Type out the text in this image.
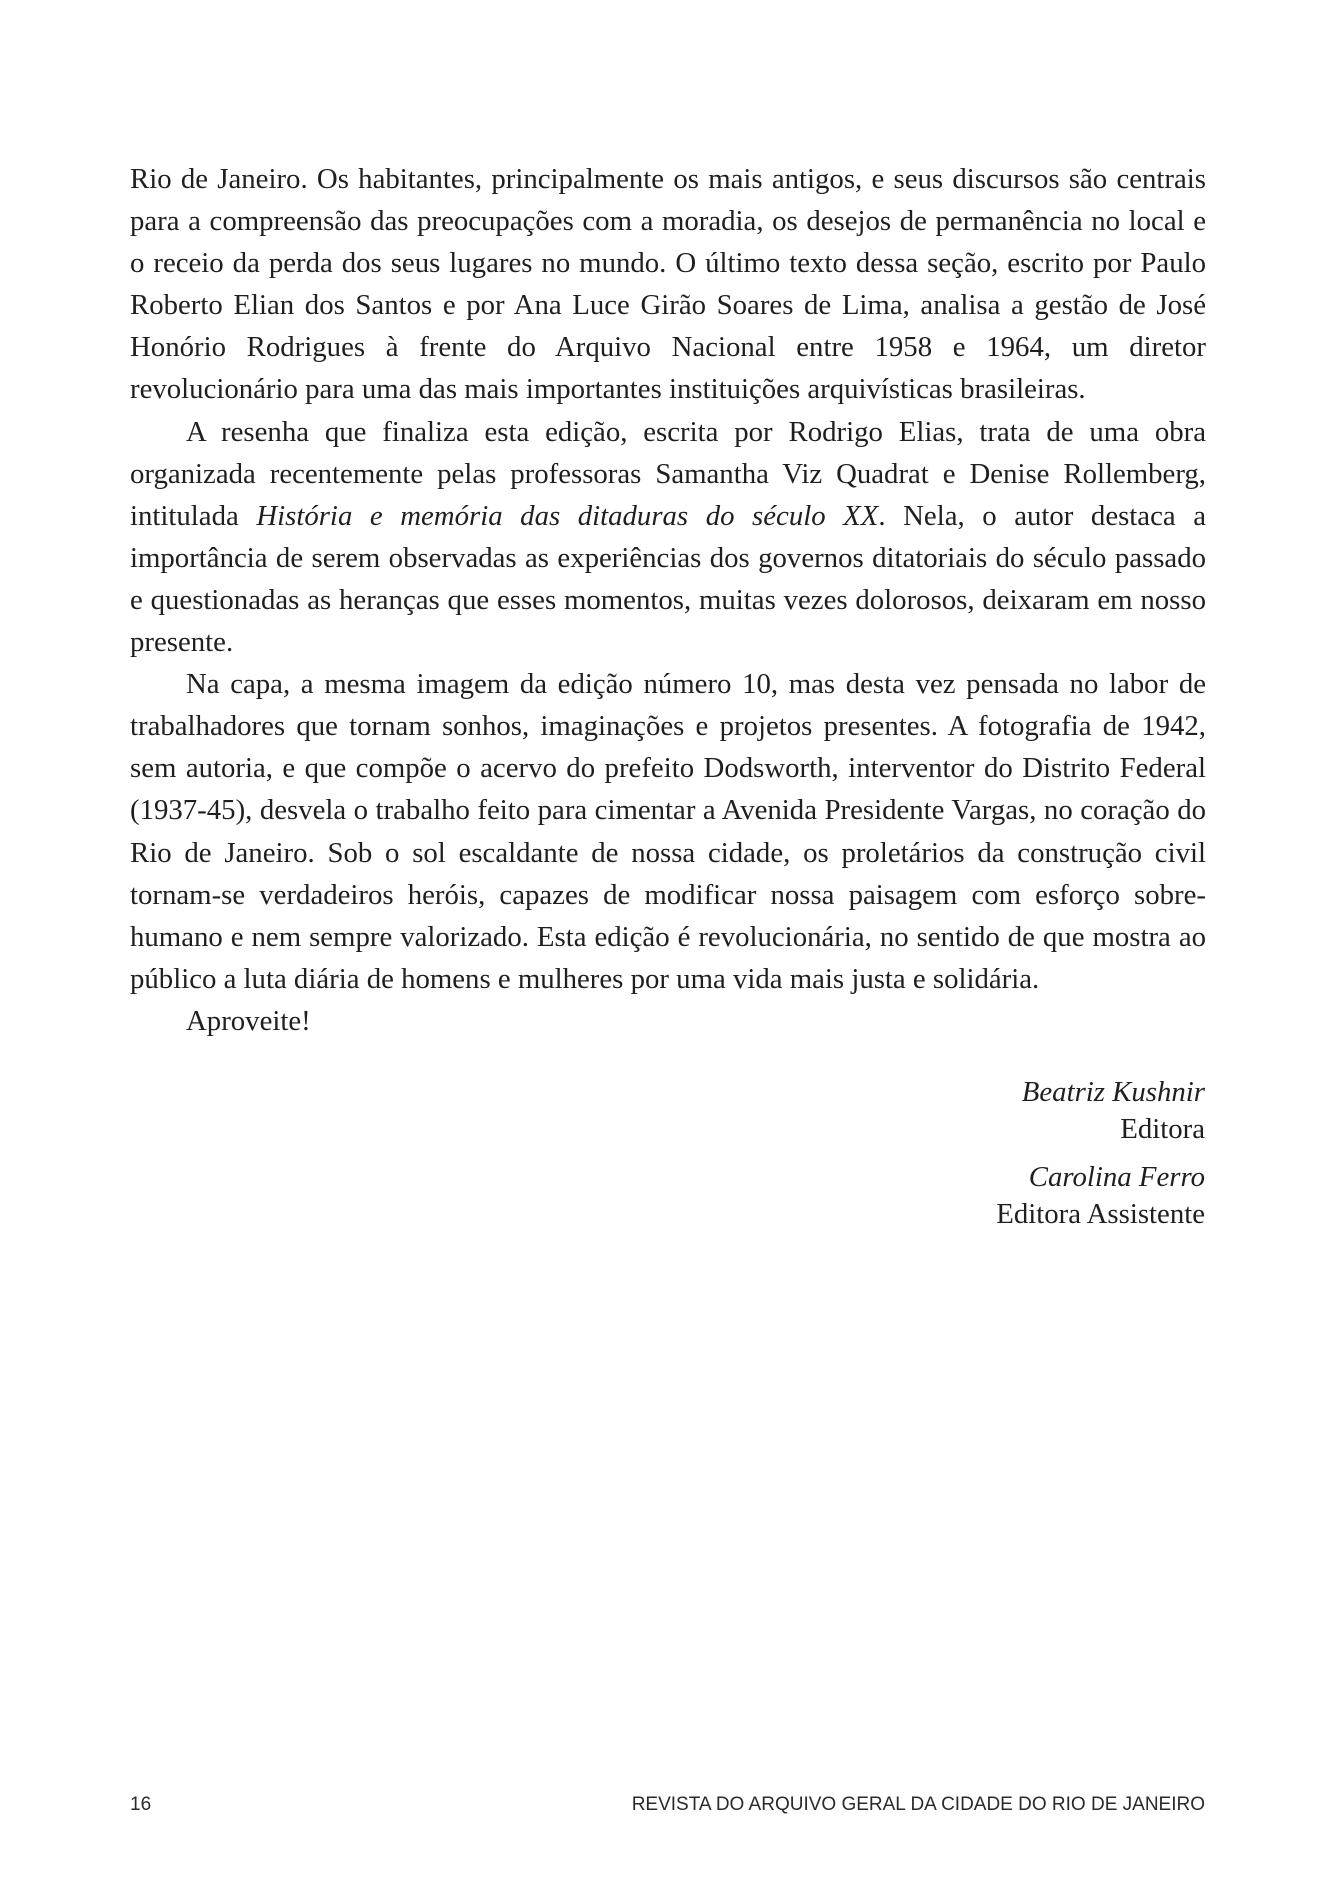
Rio de Janeiro. Os habitantes, principalmente os mais antigos, e seus discursos são centrais para a compreensão das preocupações com a moradia, os desejos de permanência no local e o receio da perda dos seus lugares no mundo. O último texto dessa seção, escrito por Paulo Roberto Elian dos Santos e por Ana Luce Girão Soares de Lima, analisa a gestão de José Honório Rodrigues à frente do Arquivo Nacional entre 1958 e 1964, um diretor revolucionário para uma das mais importantes instituições arquivísticas brasileiras.

A resenha que finaliza esta edição, escrita por Rodrigo Elias, trata de uma obra organizada recentemente pelas professoras Samantha Viz Quadrat e Denise Rollemberg, intitulada História e memória das ditaduras do século XX. Nela, o autor destaca a importância de serem observadas as experiências dos governos ditatoriais do século passado e questionadas as heranças que esses momentos, muitas vezes dolorosos, deixaram em nosso presente.

Na capa, a mesma imagem da edição número 10, mas desta vez pensada no labor de trabalhadores que tornam sonhos, imaginações e projetos presentes. A fotografia de 1942, sem autoria, e que compõe o acervo do prefeito Dodsworth, interventor do Distrito Federal (1937-45), desvela o trabalho feito para cimentar a Avenida Presidente Vargas, no coração do Rio de Janeiro. Sob o sol escaldante de nossa cidade, os proletários da construção civil tornam-se verdadeiros heróis, capazes de modificar nossa paisagem com esforço sobre-humano e nem sempre valorizado. Esta edição é revolucionária, no sentido de que mostra ao público a luta diária de homens e mulheres por uma vida mais justa e solidária.

Aproveite!

Beatriz Kushnir
Editora
Carolina Ferro
Editora Assistente
16	REVISTA DO ARQUIVO GERAL DA CIDADE DO RIO DE JANEIRO
